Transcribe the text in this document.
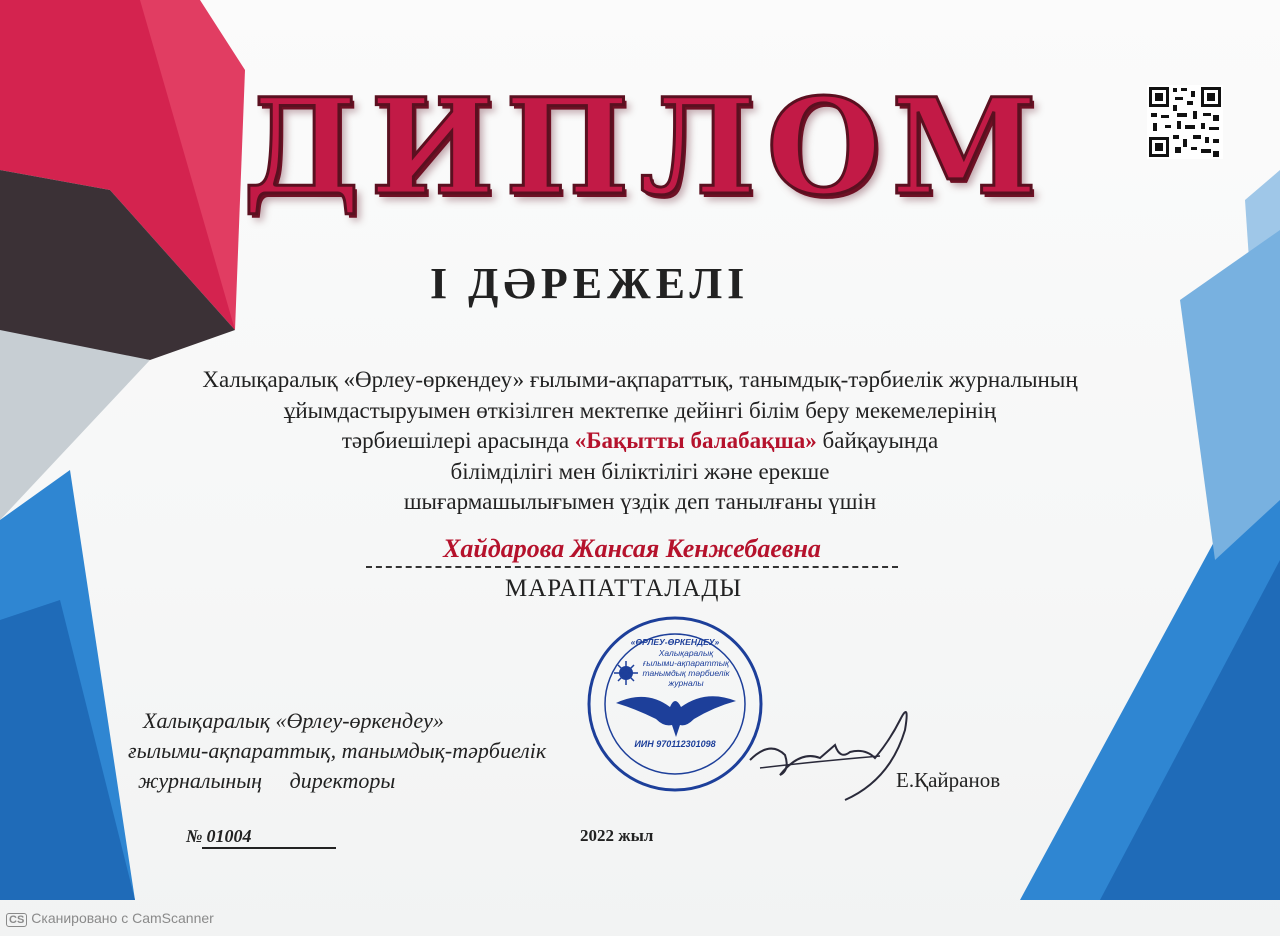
ДИПЛОМ
І ДӘРЕЖЕЛІ
Халықаралық «Өрлеу-өркендеу» ғылыми-ақпараттық, танымдық-тәрбиелік журналының
ұйымдастыруымен өткізілген мектепке дейінгі білім беру мекемелерінің
тәрбиешілері арасында «Бақытты балабақша» байқауында
білімділігі мен біліктілігі және ерекше
шығармашылығымен үздік деп танылғаны үшін
Хайдарова Жансая Кенжебаевна
МАРАПАТТАЛАДЫ
Халықаралық «Өрлеу-өркендеу»
ғылыми-ақпараттық, танымдық-тәрбиелік
журналының     директоры
«ӨРЛЕУ-ӨРКЕНДЕУ»
Халықаралық
ғылыми-ақпараттық
танымдық тәрбиелік
журналы
ИИН 970112301098
Е.Қайранов
№ 01004	2022 жыл
CS Сканировано с CamScanner
